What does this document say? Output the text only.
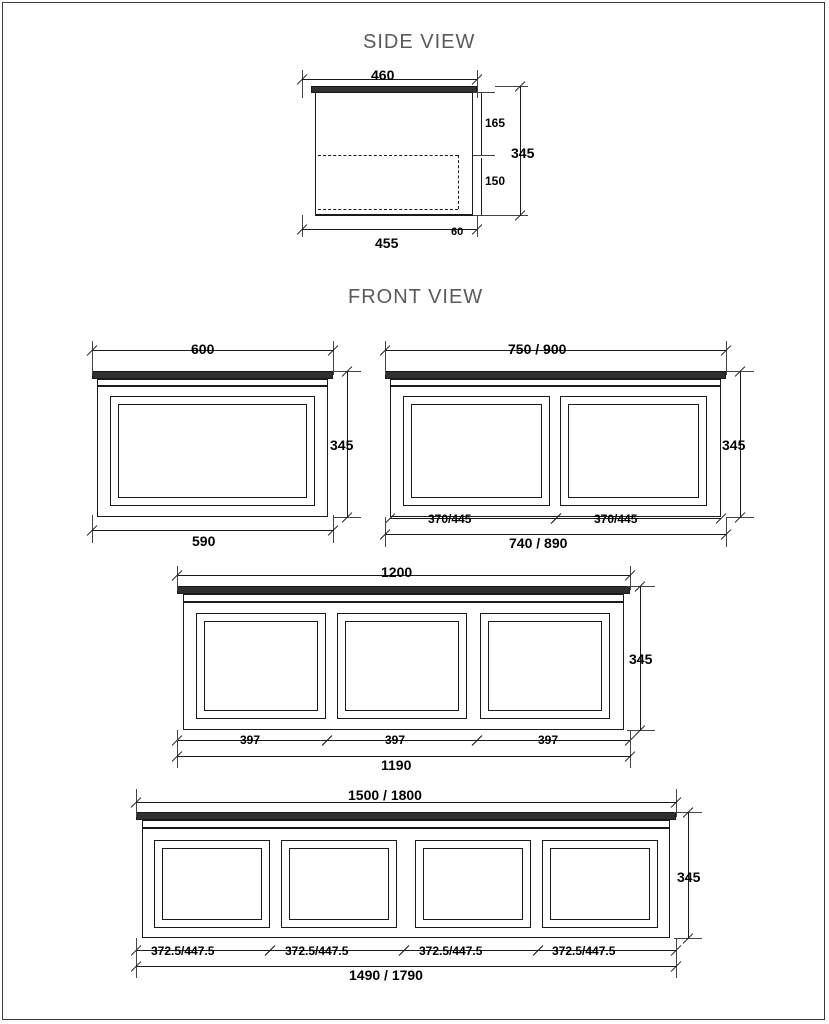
SIDE VIEW
460
455
60
165
150
345
FRONT VIEW
600
590
345
750 / 900
370/445	370/445
740 / 890
345
1200
397	397	397
1190
345
1500 / 1800
372.5/447.5	372.5/447.5	372.5/447.5	372.5/447.5
1490 / 1790
345
